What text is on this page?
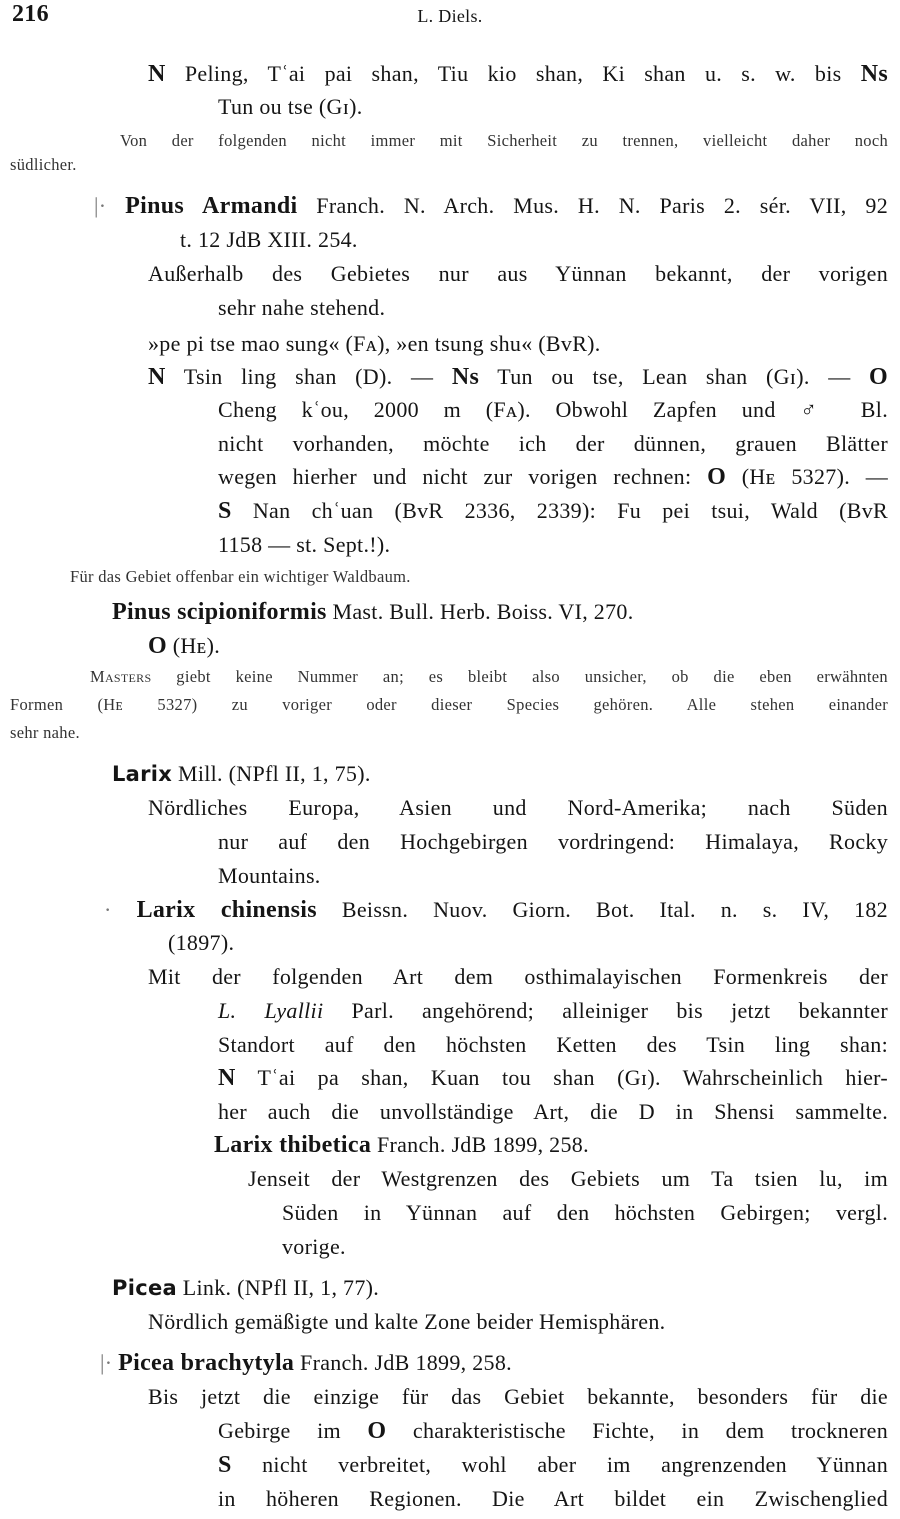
216	L. Diels.
N Peling, Tʿai pai shan, Tiu kio shan, Ki shan u. s. w. bis Ns
Tun ou tse (Gɪ).
Von der folgenden nicht immer mit Sicherheit zu trennen, vielleicht daher noch
südlicher.
|· Pinus Armandi Franch. N. Arch. Mus. H. N. Paris 2. sér. VII, 92
t. 12 JdB XIII. 254.
Außerhalb des Gebietes nur aus Yünnan bekannt, der vorigen
sehr nahe stehend.
»pe pi tse mao sung« (Fᴀ), »en tsung shu« (BvR).
N Tsin ling shan (D). — Ns Tun ou tse, Lean shan (Gɪ). — O
Cheng kʿou, 2000 m (Fᴀ). Obwohl Zapfen und ♂ Bl.
nicht vorhanden, möchte ich der dünnen, grauen Blätter
wegen hierher und nicht zur vorigen rechnen: O (Hᴇ 5327). —
S Nan chʿuan (BvR 2336, 2339): Fu pei tsui, Wald (BvR
1158 — st. Sept.!).
Für das Gebiet offenbar ein wichtiger Waldbaum.
Pinus scipioniformis Mast. Bull. Herb. Boiss. VI, 270.
O (Hᴇ).
Masters giebt keine Nummer an; es bleibt also unsicher, ob die eben erwähnten
Formen (Hᴇ 5327) zu voriger oder dieser Species gehören. Alle stehen einander
sehr nahe.
Larix Mill. (NPfl II, 1, 75).
Nördliches Europa, Asien und Nord-Amerika; nach Süden
nur auf den Hochgebirgen vordringend: Himalaya, Rocky
Mountains.
· Larix chinensis Beissn. Nuov. Giorn. Bot. Ital. n. s. IV, 182
(1897).
Mit der folgenden Art dem osthimalayischen Formenkreis der
L. Lyallii Parl. angehörend; alleiniger bis jetzt bekannter
Standort auf den höchsten Ketten des Tsin ling shan:
N Tʿai pa shan, Kuan tou shan (Gɪ). Wahrscheinlich hier-
her auch die unvollständige Art, die D in Shensi sammelte.
Larix thibetica Franch. JdB 1899, 258.
Jenseit der Westgrenzen des Gebiets um Ta tsien lu, im
Süden in Yünnan auf den höchsten Gebirgen; vergl.
vorige.
Picea Link. (NPfl II, 1, 77).
Nördlich gemäßigte und kalte Zone beider Hemisphären.
|· Picea brachytyla Franch. JdB 1899, 258.
Bis jetzt die einzige für das Gebiet bekannte, besonders für die
Gebirge im O charakteristische Fichte, in dem trockneren
S nicht verbreitet, wohl aber im angrenzenden Yünnan
in höheren Regionen. Die Art bildet ein Zwischenglied
